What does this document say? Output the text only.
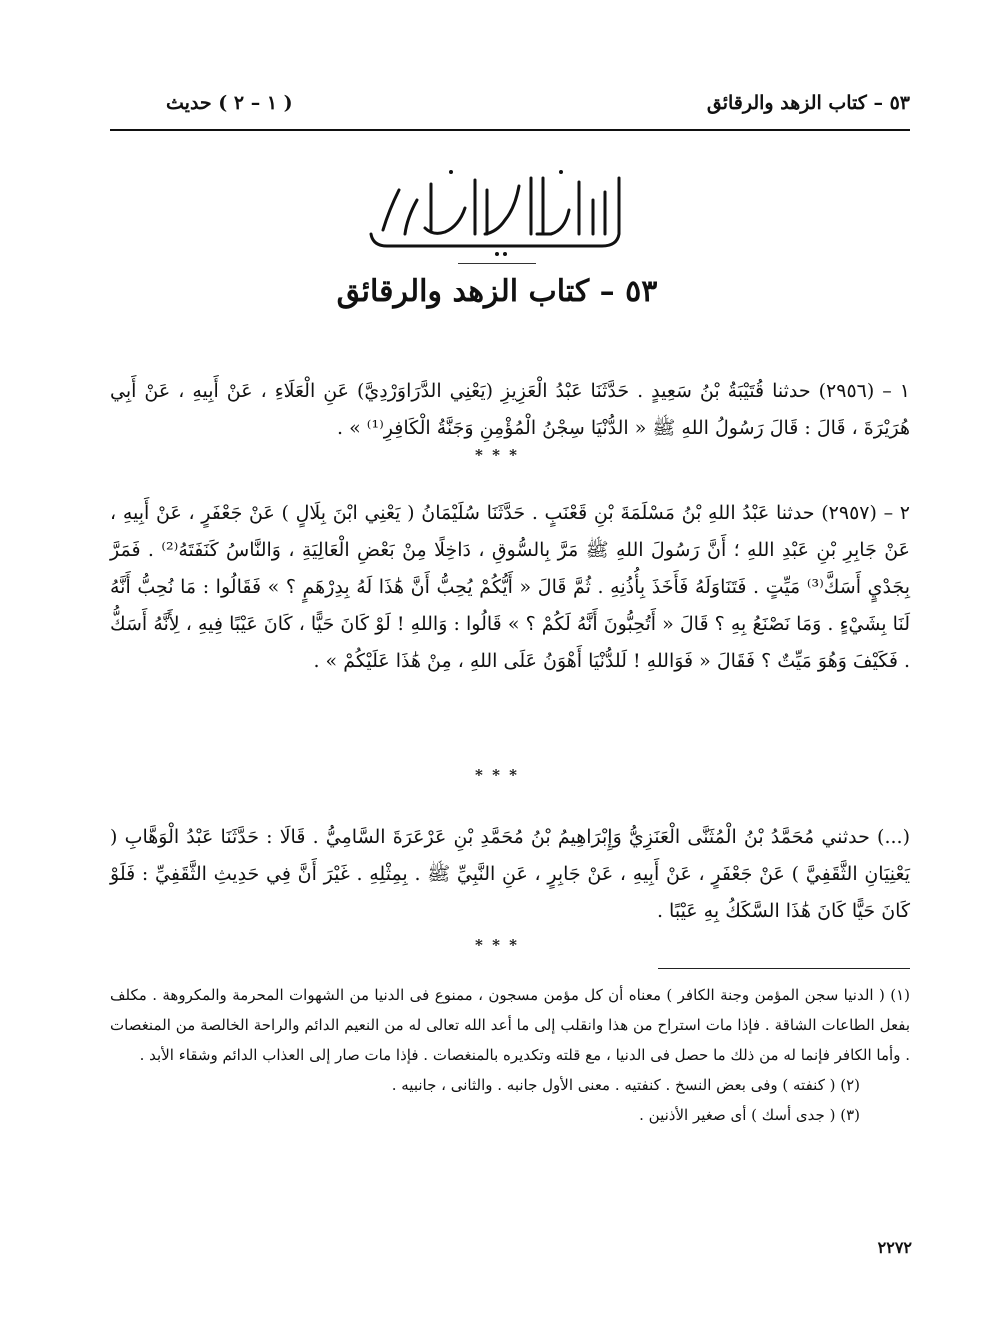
٥٣ – كتاب الزهد والرقائق
( ١ – ٢ ) حديث
٥٣ – كتاب الزهد والرقائق

١ – (٢٩٥٦) حدثنا قُتَيْبَةُ بْنُ سَعِيدٍ . حَدَّثَنَا عَبْدُ الْعَزِيزِ (يَعْنِي الدَّرَاوَرْدِيَّ) عَنِ الْعَلَاءِ ، عَنْ أَبِيهِ ، عَنْ أَبِي هُرَيْرَةَ ، قَالَ : قَالَ رَسُولُ اللهِ ﷺ « الدُّنْيَا سِجْنُ الْمُؤْمِنِ وَجَنَّةُ الْكَافِرِ⁽¹⁾ » .

* * *

٢ – (٢٩٥٧) حدثنا عَبْدُ اللهِ بْنُ مَسْلَمَةَ بْنِ قَعْنَبٍ . حَدَّثَنَا سُلَيْمَانُ ( يَعْنِي ابْنَ بِلَالٍ ) عَنْ جَعْفَرٍ ، عَنْ أَبِيهِ ، عَنْ جَابِرِ بْنِ عَبْدِ اللهِ ؛ أَنَّ رَسُولَ اللهِ ﷺ مَرَّ بِالسُّوقِ ، دَاخِلًا مِنْ بَعْضِ الْعَالِيَةِ ، وَالنَّاسُ كَنَفَتَهُ⁽²⁾ . فَمَرَّ بِجَدْيٍ أَسَكَّ⁽³⁾ مَيِّتٍ . فَتَنَاوَلَهُ فَأَخَذَ بِأُذُنِهِ . ثُمَّ قَالَ « أَيُّكُمْ يُحِبُّ أَنَّ هَٰذَا لَهُ بِدِرْهَمٍ ؟ » فَقَالُوا : مَا نُحِبُّ أَنَّهُ لَنَا بِشَيْءٍ . وَمَا نَصْنَعُ بِهِ ؟ قَالَ « أَتُحِبُّونَ أَنَّهُ لَكُمْ ؟ » قَالُوا : وَاللهِ ! لَوْ كَانَ حَيًّا ، كَانَ عَيْبًا فِيهِ ، لِأَنَّهُ أَسَكُّ . فَكَيْفَ وَهُوَ مَيِّتٌ ؟ فَقَالَ « فَوَاللهِ ! لَلدُّنْيَا أَهْوَنُ عَلَى اللهِ ، مِنْ هَٰذَا عَلَيْكُمْ » .

* * *

(...) حدثني مُحَمَّدُ بْنُ الْمُثَنَّى الْعَنَزِيُّ وَإِبْرَاهِيمُ بْنُ مُحَمَّدِ بْنِ عَرْعَرَةَ السَّامِيُّ . قَالَا : حَدَّثَنَا عَبْدُ الْوَهَّابِ ( يَعْنِيَانِ الثَّقَفِيَّ ) عَنْ جَعْفَرٍ ، عَنْ أَبِيهِ ، عَنْ جَابِرٍ ، عَنِ النَّبِيِّ ﷺ . بِمِثْلِهِ . غَيْرَ أَنَّ فِي حَدِيثِ الثَّقَفِيِّ : فَلَوْ كَانَ حَيًّا كَانَ هَٰذَا السَّكَكُ بِهِ عَيْبًا .

* * *

(١) ( الدنيا سجن المؤمن وجنة الكافر ) معناه أن كل مؤمن مسجون ، ممنوع فى الدنيا من الشهوات المحرمة والمكروهة . مكلف بفعل الطاعات الشاقة . فإذا مات استراح من هذا وانقلب إلى ما أعد الله تعالى له من النعيم الدائم والراحة الخالصة من المنغصات . وأما الكافر فإنما له من ذلك ما حصل فى الدنيا ، مع قلته وتكديره بالمنغصات . فإذا مات صار إلى العذاب الدائم وشقاء الأبد .

(٢) ( كنفته ) وفى بعض النسخ . كنفتيه . معنى الأول جانبه . والثانى ، جانبيه .

(٣) ( جدى أسك ) أى صغير الأذنين .

٢٢٧٢
